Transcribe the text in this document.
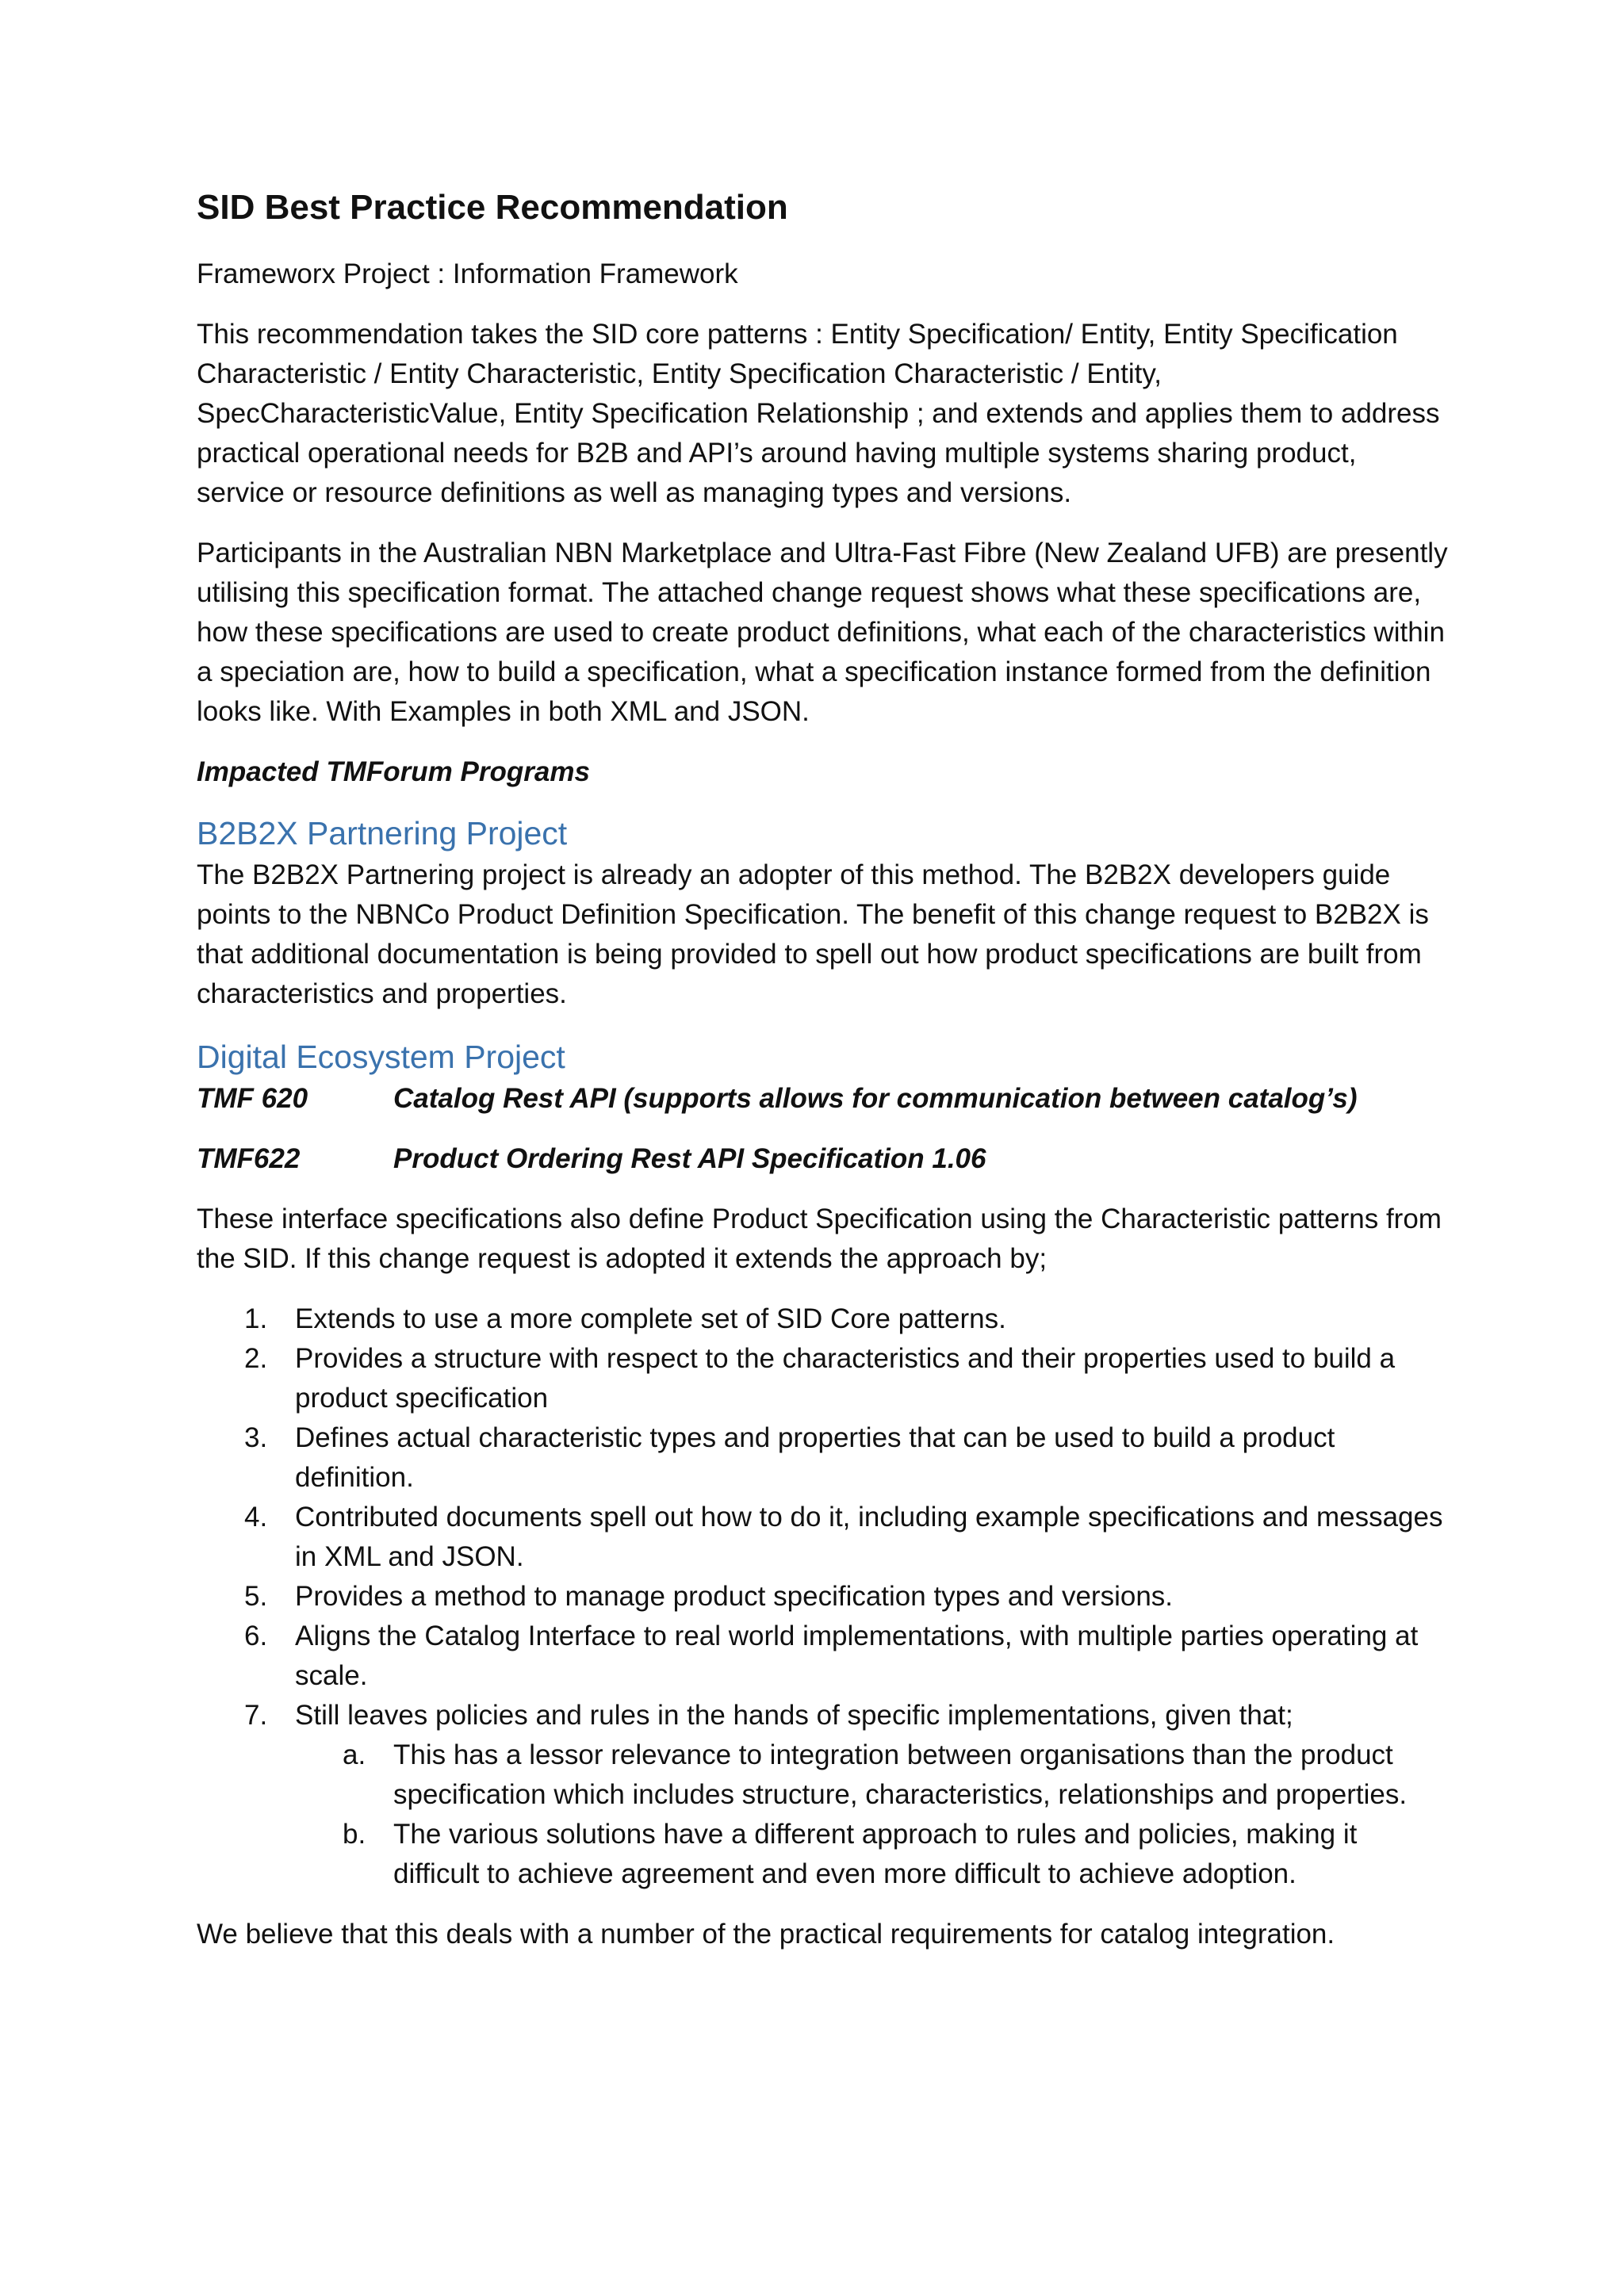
SID Best Practice Recommendation

Frameworx Project : Information Framework

This recommendation takes the SID core patterns : Entity Specification/ Entity, Entity Specification Characteristic / Entity Characteristic, Entity Specification Characteristic / Entity, SpecCharacteristicValue, Entity Specification Relationship ; and extends and applies them to address practical operational needs for B2B and API’s around having multiple systems sharing product, service or resource definitions as well as managing types and versions.

Participants in the Australian NBN Marketplace and Ultra-Fast Fibre (New Zealand UFB) are presently utilising this specification format. The attached change request shows what these specifications are, how these specifications are used to create product definitions, what each of the characteristics within a speciation are, how to build a specification, what a specification instance formed from the definition looks like. With Examples in both XML and JSON.

Impacted TMForum Programs

B2B2X Partnering Project

The B2B2X Partnering project is already an adopter of this method. The B2B2X developers guide points to the NBNCo Product Definition Specification. The benefit of this change request to B2B2X is that additional documentation is being provided to spell out how product specifications are built from characteristics and properties.

Digital Ecosystem Project
TMF 620	Catalog Rest API (supports allows for communication between catalog’s)
TMF622	Product Ordering Rest API Specification 1.06

These interface specifications also define Product Specification using the Characteristic patterns from the SID. If this change request is adopted it extends the approach by;

1. Extends to use a more complete set of SID Core patterns.
2. Provides a structure with respect to the characteristics and their properties used to build a product specification
3. Defines actual characteristic types and properties that can be used to build a product definition.
4. Contributed documents spell out how to do it, including example specifications and messages in XML and JSON.
5. Provides a method to manage product specification types and versions.
6. Aligns the Catalog Interface to real world implementations, with multiple parties operating at scale.
7. Still leaves policies and rules in the hands of specific implementations, given that;
a. This has a lessor relevance to integration between organisations than the product specification which includes structure, characteristics, relationships and properties.
b. The various solutions have a different approach to rules and policies, making it difficult to achieve agreement and even more difficult to achieve adoption.

We believe that this deals with a number of the practical requirements for catalog integration.
